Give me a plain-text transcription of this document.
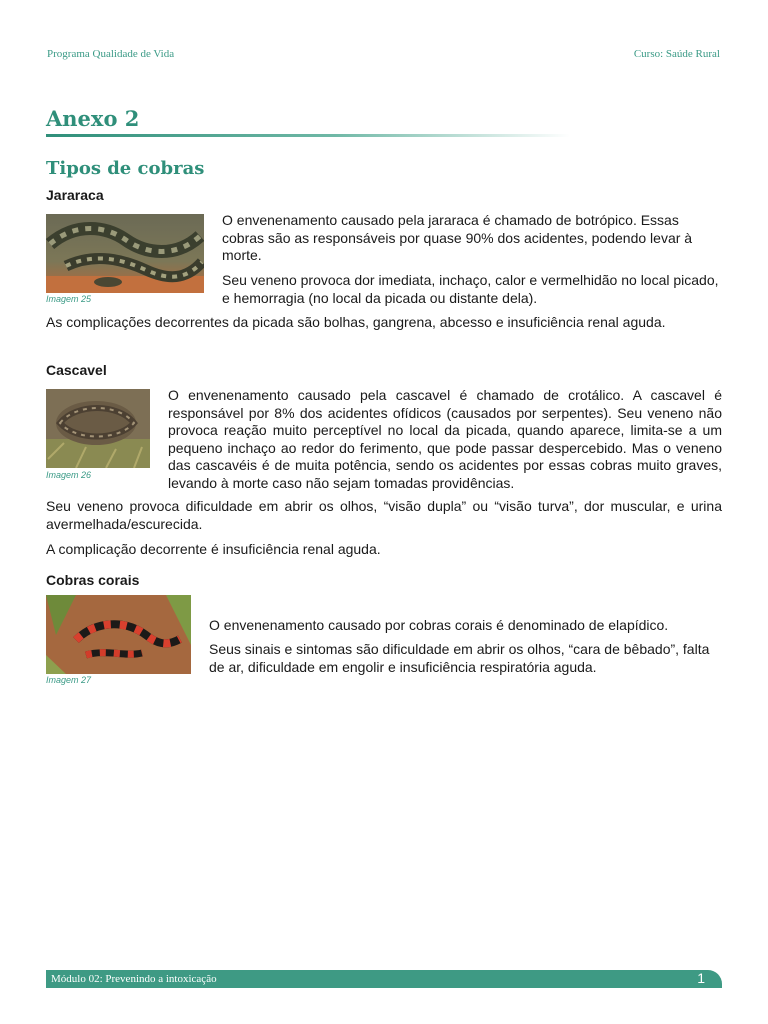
Programa Qualidade de Vida	Curso: Saúde Rural
Anexo 2
Tipos de cobras
Jararaca
Imagem 25

O envenenamento causado pela jararaca é chamado de botrópico. Essas cobras são as responsáveis por quase 90% dos acidentes, podendo levar à morte.

Seu veneno provoca dor imediata, inchaço, calor e vermelhidão no local picado, e hemorragia (no local da picada ou distante dela).

As complicações decorrentes da picada são bolhas, gangrena, abcesso e insuficiência renal aguda.

Cascavel
Imagem 26

O envenenamento causado pela cascavel é chamado de crotálico. A cascavel é responsável por 8% dos acidentes ofídicos (causados por serpentes). Seu veneno não provoca reação muito perceptível no local da picada, quando aparece, limita-se a um pequeno inchaço ao redor do ferimento, que pode passar despercebido. Mas o veneno das cascavéis é de muita potência, sendo os acidentes por essas cobras muito graves, levando à morte caso não sejam tomadas providências.

Seu veneno provoca dificuldade em abrir os olhos, “visão dupla” ou “visão turva”, dor muscular, e urina avermelhada/escurecida.

A complicação decorrente é insuficiência renal aguda.

Cobras corais
Imagem 27

O envenenamento causado por cobras corais é denominado de elapídico.

Seus sinais e sintomas são dificuldade em abrir os olhos, “cara de bêbado”, falta de ar, dificuldade em engolir e insuficiência respiratória aguda.

Módulo 02: Prevenindo a intoxicação	1
